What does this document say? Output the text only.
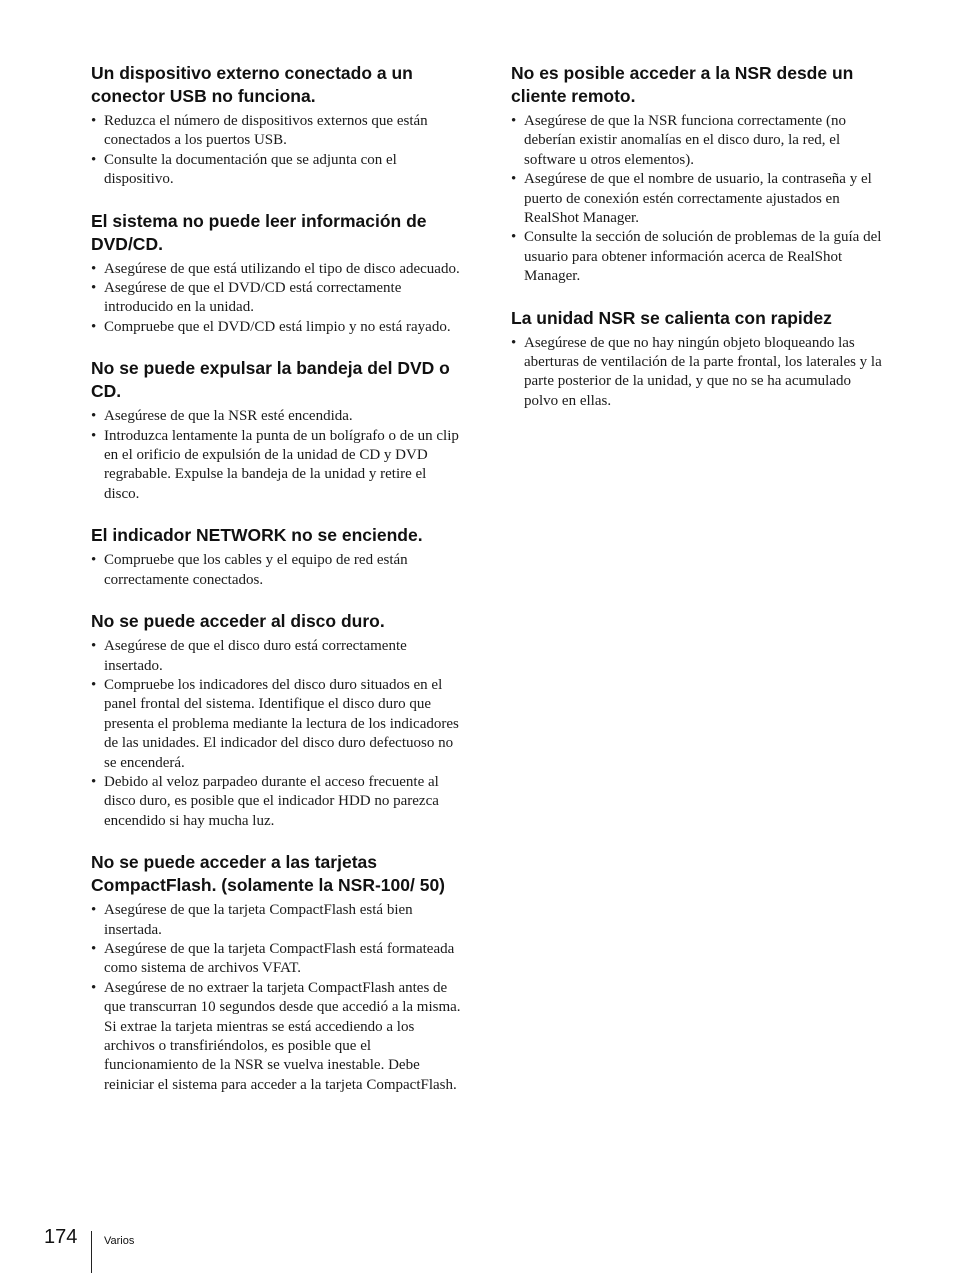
Un dispositivo externo conectado a un conector USB no funciona.
• Reduzca el número de dispositivos externos que están conectados a los puertos USB.
• Consulte la documentación que se adjunta con el dispositivo.
El sistema no puede leer información de DVD/CD.
• Asegúrese de que está utilizando el tipo de disco adecuado.
• Asegúrese de que el DVD/CD está correctamente introducido en la unidad.
• Compruebe que el DVD/CD está limpio y no está rayado.
No se puede expulsar la bandeja del DVD o CD.
• Asegúrese de que la NSR esté encendida.
• Introduzca lentamente la punta de un bolígrafo o de un clip en el orificio de expulsión de la unidad de CD y DVD regrabable. Expulse la bandeja de la unidad y retire el disco.
El indicador NETWORK no se enciende.
• Compruebe que los cables y el equipo de red están correctamente conectados.
No se puede acceder al disco duro.
• Asegúrese de que el disco duro está correctamente insertado.
• Compruebe los indicadores del disco duro situados en el panel frontal del sistema. Identifique el disco duro que presenta el problema mediante la lectura de los indicadores de las unidades. El indicador del disco duro defectuoso no se encenderá.
• Debido al veloz parpadeo durante el acceso frecuente al disco duro, es posible que el indicador HDD no parezca encendido si hay mucha luz.
No se puede acceder a las tarjetas CompactFlash. (solamente la NSR-100/ 50)
• Asegúrese de que la tarjeta CompactFlash está bien insertada.
• Asegúrese de que la tarjeta CompactFlash está formateada como sistema de archivos VFAT.
• Asegúrese de no extraer la tarjeta CompactFlash antes de que transcurran 10 segundos desde que accedió a la misma. Si extrae la tarjeta mientras se está accediendo a los archivos o transfiriéndolos, es posible que el funcionamiento de la NSR se vuelva inestable. Debe reiniciar el sistema para acceder a la tarjeta CompactFlash.
No es posible acceder a la NSR desde un cliente remoto.
• Asegúrese de que la NSR funciona correctamente (no deberían existir anomalías en el disco duro, la red, el software u otros elementos).
• Asegúrese de que el nombre de usuario, la contraseña y el puerto de conexión estén correctamente ajustados en RealShot Manager.
• Consulte la sección de solución de problemas de la guía del usuario para obtener información acerca de RealShot Manager.
La unidad NSR se calienta con rapidez
• Asegúrese de que no hay ningún objeto bloqueando las aberturas de ventilación de la parte frontal, los laterales y la parte posterior de la unidad, y que no se ha acumulado polvo en ellas.
174 Varios
